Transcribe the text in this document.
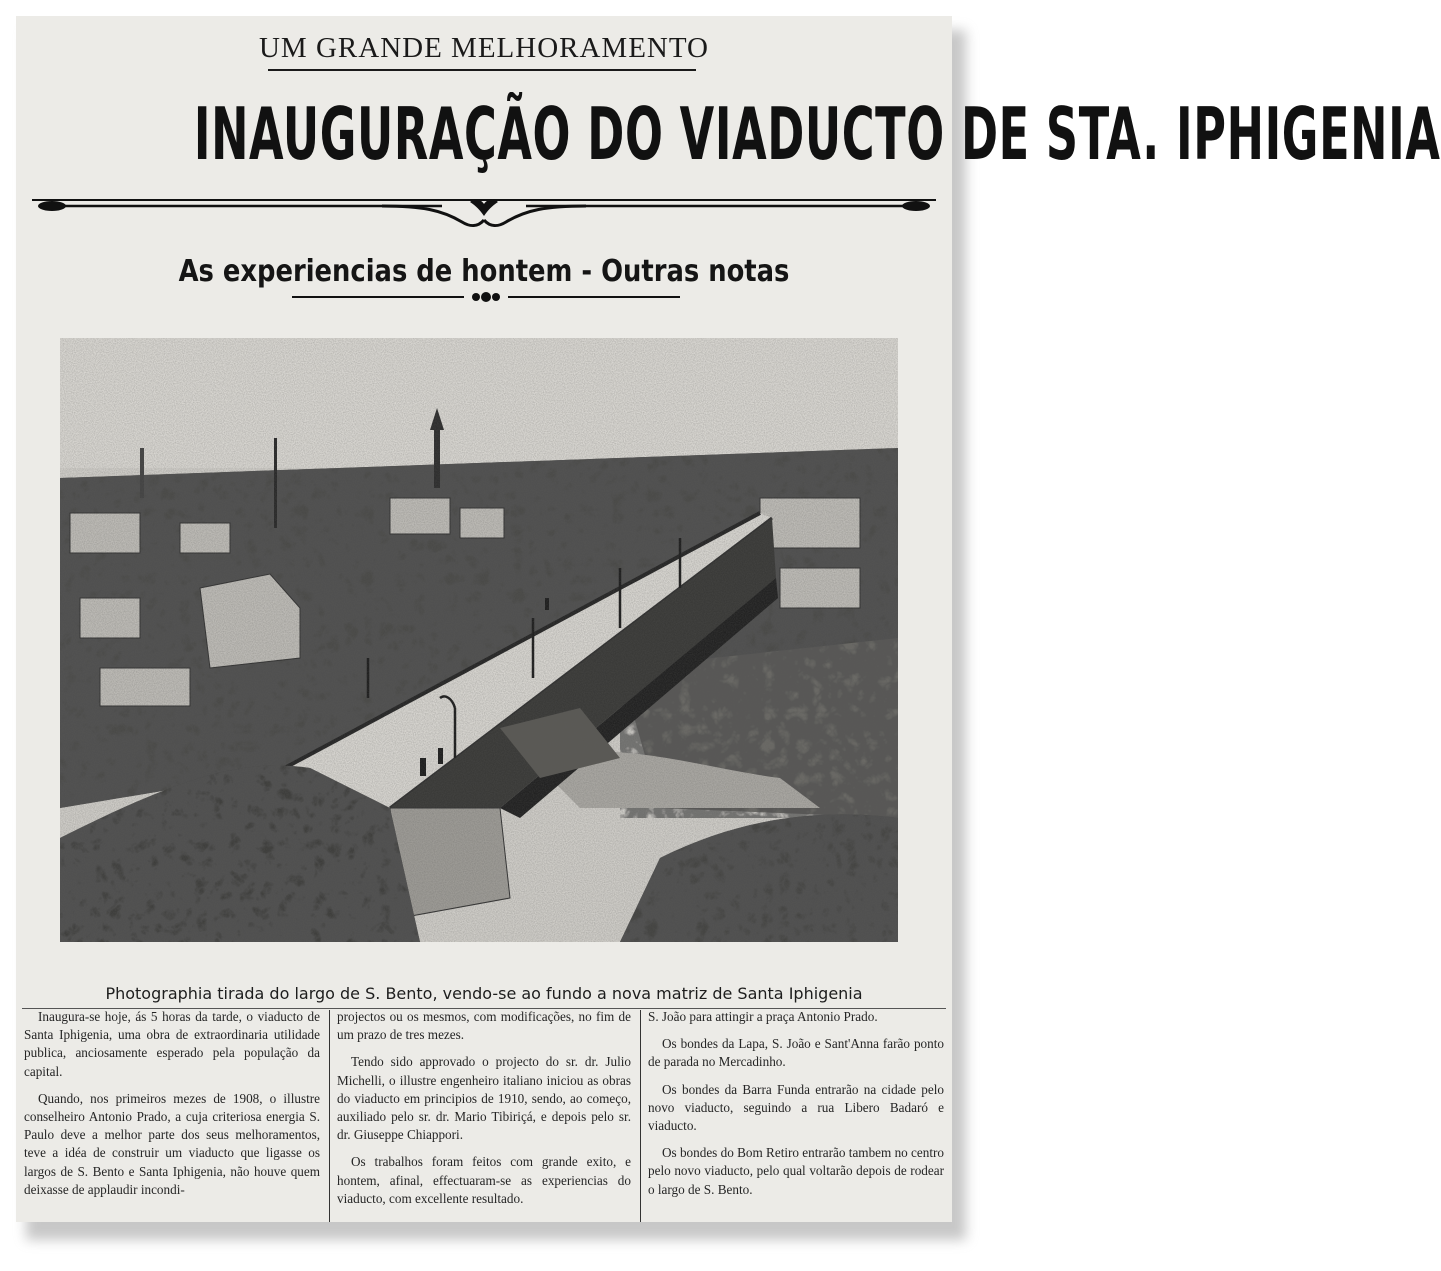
UM GRANDE MELHORAMENTO
INAUGURAÇÃO DO VIADUCTO DE STA. IPHIGENIA
As experiencias de hontem - Outras notas
Photographia tirada do largo de S. Bento, vendo-se ao fundo a nova matriz de Santa Iphigenia

Inaugura-se hoje, ás 5 horas da tarde, o viaducto de Santa Iphigenia, uma obra de extraordinaria utilidade publica, anciosamente esperado pela população da capital.

Quando, nos primeiros mezes de 1908, o illustre conselheiro Antonio Prado, a cuja criteriosa energia S. Paulo deve a melhor parte dos seus melhoramentos, teve a idéa de construir um viaducto que ligasse os largos de S. Bento e Santa Iphigenia, não houve quem deixasse de applaudir incondi-

projectos ou os mesmos, com modificações, no fim de um prazo de tres mezes.

Tendo sido approvado o projecto do sr. dr. Julio Michelli, o illustre engenheiro italiano iniciou as obras do viaducto em principios de 1910, sendo, ao começo, auxiliado pelo sr. dr. Mario Tibiriçá, e depois pelo sr. dr. Giuseppe Chiappori.

Os trabalhos foram feitos com grande exito, e hontem, afinal, effectuaram-se as experiencias do viaducto, com excellente resultado.

S. João para attingir a praça Antonio Prado.

Os bondes da Lapa, S. João e Sant'Anna farão ponto de parada no Mercadinho.

Os bondes da Barra Funda entrarão na cidade pelo novo viaducto, seguindo a rua Libero Badaró e viaducto.

Os bondes do Bom Retiro entrarão tambem no centro pelo novo viaducto, pelo qual voltarão depois de rodear o largo de S. Bento.
